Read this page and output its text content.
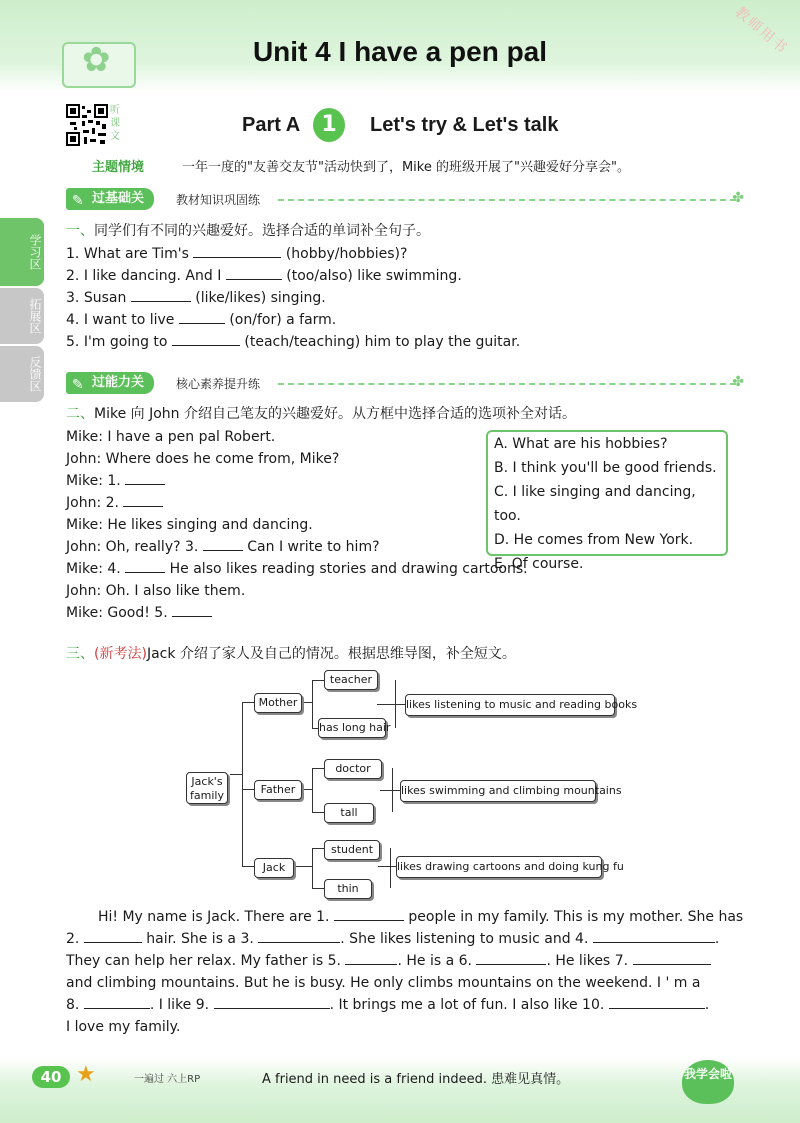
✿	Unit 4 I have a pen pal	教师用书
听课文
Part A 1	Let's try & Let's talk
主题情境	一年一度的"友善交友节"活动快到了，Mike 的班级开展了"兴趣爱好分享会"。
学习区
拓展区
反馈区
✎ 过基础关	教材知识巩固练	✤
一、同学们有不同的兴趣爱好。选择合适的单词补全句子。
1. What are Tim's	(hobby/hobbies)?
2. I like dancing. And I	(too/also) like swimming.
3. Susan	(like/likes) singing.
4. I want to live	(on/for) a farm.
5. I'm going to	(teach/teaching) him to play the guitar.
✎ 过能力关	核心素养提升练	✤
二、Mike 向 John 介绍自己笔友的兴趣爱好。从方框中选择合适的选项补全对话。
Mike: I have a pen pal Robert.
John: Where does he come from, Mike?
Mike: 1.
John: 2.
Mike: He likes singing and dancing.
John: Oh, really? 3.	Can I write to him?
Mike: 4.	He also likes reading stories and drawing cartoons.
John: Oh. I also like them.
Mike: Good! 5.
A. What are his hobbies?
B. I think you'll be good friends.
C. I like singing and dancing, too.
D. He comes from New York.
E. Of course.
三、(新考法)Jack 介绍了家人及自己的情况。根据思维导图，补全短文。
Jack's family
Mother
teacher
has long hair
likes listening to music and reading books
Father
doctor
tall
likes swimming and climbing mountains
Jack
student
thin
likes drawing cartoons and doing kung fu
Hi! My name is Jack. There are 1.	people in my family. This is my mother. She has
2.	hair. She is a 3.	. She likes listening to music and 4.	.
They can help her relax. My father is 5.	. He is a 6.	. He likes 7.
and climbing mountains. But he is busy. He only climbs mountains on the weekend. I ' m a
8.	. I like 9.	. It brings me a lot of fun. I also like 10.	.
I love my family.
40 ★	一遍过 六上RP	A friend in need is a friend indeed. 患难见真情。	我学会啦
